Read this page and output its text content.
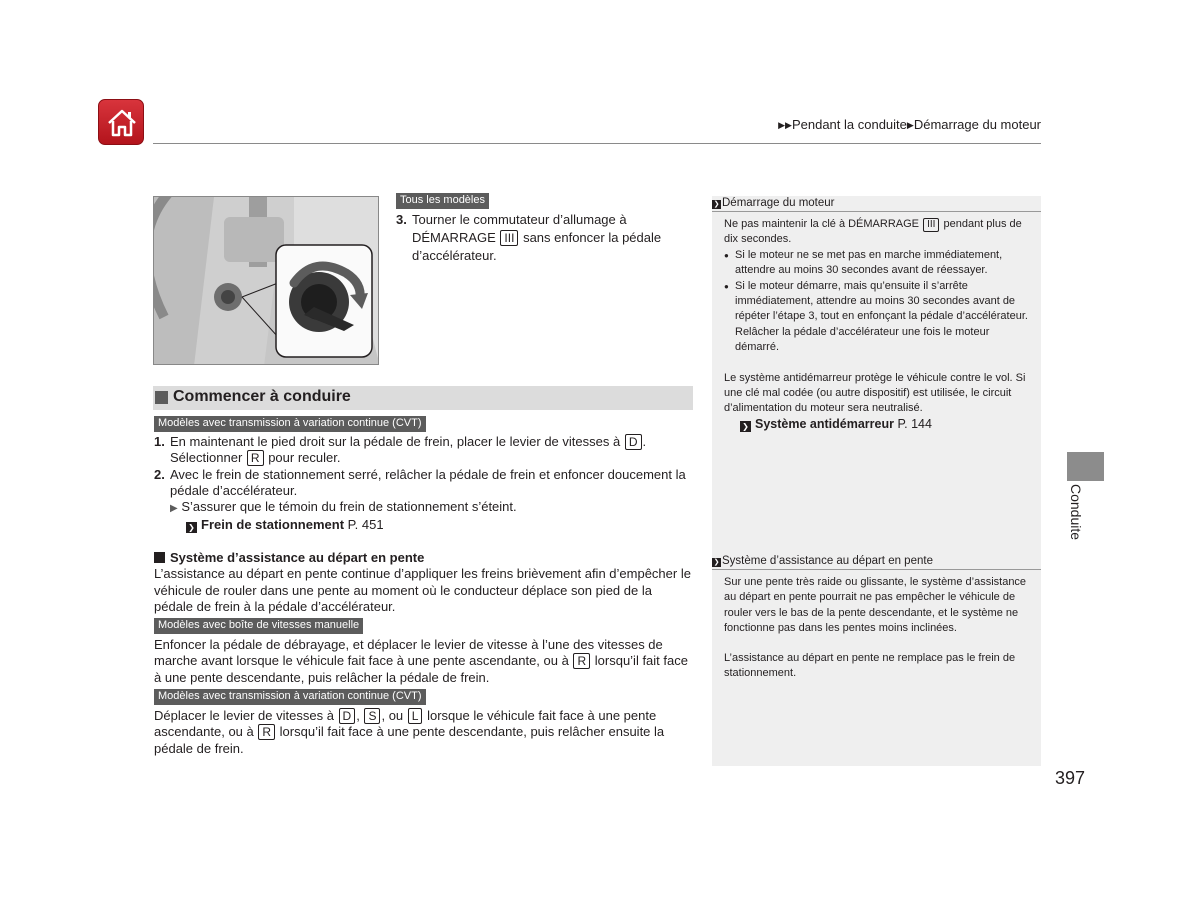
▶▶Pendant la conduite▶Démarrage du moteur
Tous les modèles
3. Tourner le commutateur d’allumage à
DÉMARRAGE III sans enfoncer la pédale
d’accélérateur.
Commencer à conduire
Modèles avec transmission à variation continue (CVT)
1. En maintenant le pied droit sur la pédale de frein, placer le levier de vitesses à D .
Sélectionner R pour reculer.
2. Avec le frein de stationnement serré, relâcher la pédale de frein et enfoncer doucement la
pédale d’accélérateur.
▶ S’assurer que le témoin du frein de stationnement s’éteint.
❯ Frein de stationnement P. 451
Système d’assistance au départ en pente
L’assistance au départ en pente continue d’appliquer les freins brièvement afin d’empêcher le véhicule de rouler dans une pente au moment où le conducteur déplace son pied de la pédale de frein à la pédale d’accélérateur.
Modèles avec boîte de vitesses manuelle
Enfoncer la pédale de débrayage, et déplacer le levier de vitesse à l’une des vitesses de marche avant lorsque le véhicule fait face à une pente ascendante, ou à R lorsqu’il fait face à une pente descendante, puis relâcher la pédale de frein.
Modèles avec transmission à variation continue (CVT)
Déplacer le levier de vitesses à D , S , ou L lorsque le véhicule fait face à une pente ascendante, ou à R lorsqu’il fait face à une pente descendante, puis relâcher ensuite la pédale de frein.
❯ Démarrage du moteur
Ne pas maintenir la clé à DÉMARRAGE III pendant plus de dix secondes.
● Si le moteur ne se met pas en marche immédiatement, attendre au moins 30 secondes avant de réessayer.
● Si le moteur démarre, mais qu’ensuite il s’arrête immédiatement, attendre au moins 30 secondes avant de répéter l’étape 3, tout en enfonçant la pédale d’accélérateur.
Relâcher la pédale d’accélérateur une fois le moteur démarré.
Le système antidémarreur protège le véhicule contre le vol. Si une clé mal codée (ou autre dispositif) est utilisée, le circuit d’alimentation du moteur sera neutralisé.
❯ Système antidémarreur P. 144
❯ Système d’assistance au départ en pente
Sur une pente très raide ou glissante, le système d’assistance au départ en pente pourrait ne pas empêcher le véhicule de rouler vers le bas de la pente descendante, et le système ne fonctionne pas dans les pentes moins inclinées.
L’assistance au départ en pente ne remplace pas le frein de stationnement.
Conduite
397
